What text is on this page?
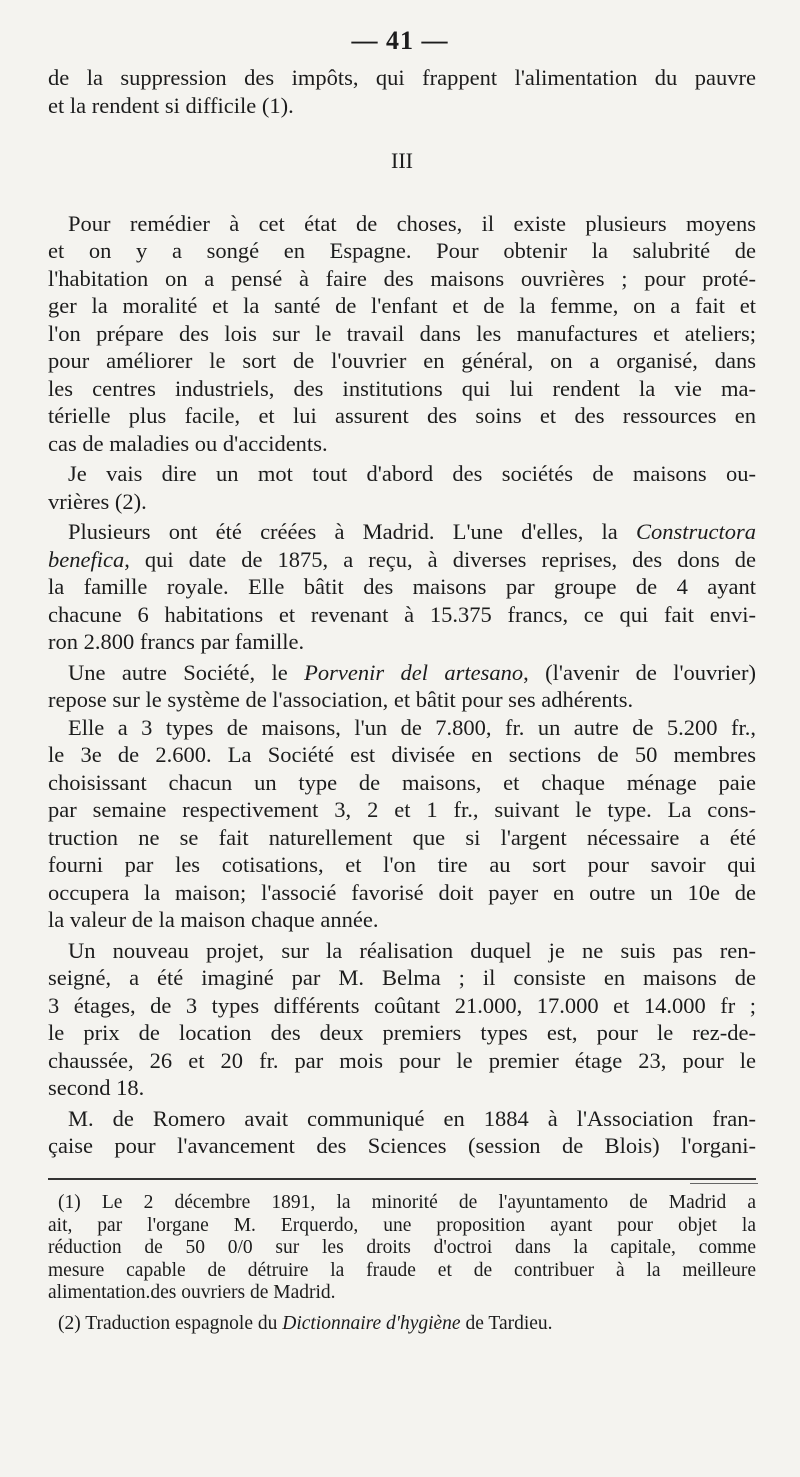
— 41 —
de la suppression des impôts, qui frappent l'alimentation du pauvre
et la rendent si difficile (1).
III
Pour remédier à cet état de choses, il existe plusieurs moyens
et on y a songé en Espagne. Pour obtenir la salubrité de
l'habitation on a pensé à faire des maisons ouvrières ; pour proté-
ger la moralité et la santé de l'enfant et de la femme, on a fait et
l'on prépare des lois sur le travail dans les manufactures et ateliers;
pour améliorer le sort de l'ouvrier en général, on a organisé, dans
les centres industriels, des institutions qui lui rendent la vie ma-
térielle plus facile, et lui assurent des soins et des ressources en
cas de maladies ou d'accidents.
Je vais dire un mot tout d'abord des sociétés de maisons ou-
vrières (2).
Plusieurs ont été créées à Madrid. L'une d'elles, la Constructora
benefica, qui date de 1875, a reçu, à diverses reprises, des dons de
la famille royale. Elle bâtit des maisons par groupe de 4 ayant
chacune 6 habitations et revenant à 15.375 francs, ce qui fait envi-
ron 2.800 francs par famille.
Une autre Société, le Porvenir del artesano, (l'avenir de l'ouvrier)
repose sur le système de l'association, et bâtit pour ses adhérents.
Elle a 3 types de maisons, l'un de 7.800, fr. un autre de 5.200 fr.,
le 3e de 2.600. La Société est divisée en sections de 50 membres
choisissant chacun un type de maisons, et chaque ménage paie
par semaine respectivement 3, 2 et 1 fr., suivant le type. La cons-
truction ne se fait naturellement que si l'argent nécessaire a été
fourni par les cotisations, et l'on tire au sort pour savoir qui
occupera la maison; l'associé favorisé doit payer en outre un 10e de
la valeur de la maison chaque année.
Un nouveau projet, sur la réalisation duquel je ne suis pas ren-
seigné, a été imaginé par M. Belma ; il consiste en maisons de
3 étages, de 3 types différents coûtant 21.000, 17.000 et 14.000 fr ;
le prix de location des deux premiers types est, pour le rez-de-
chaussée, 26 et 20 fr. par mois pour le premier étage 23, pour le
second 18.
M. de Romero avait communiqué en 1884 à l'Association fran-
çaise pour l'avancement des Sciences (session de Blois) l'organi-
(1) Le 2 décembre 1891, la minorité de l'ayuntamento de Madrid a
ait, par l'organe M. Erquerdo, une proposition ayant pour objet la
réduction de 50 0/0 sur les droits d'octroi dans la capitale, comme
mesure capable de détruire la fraude et de contribuer à la meilleure
alimentation.des ouvriers de Madrid.
(2) Traduction espagnole du Dictionnaire d'hygiène de Tardieu.
